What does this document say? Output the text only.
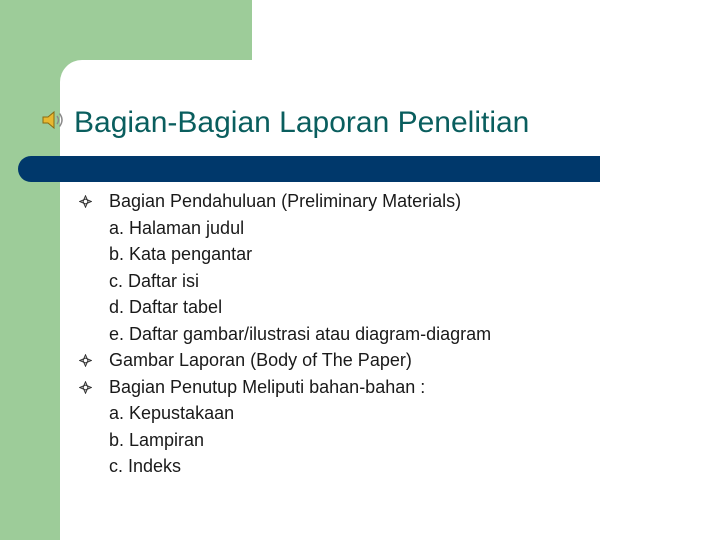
Bagian-Bagian Laporan Penelitian
Bagian Pendahuluan (Preliminary Materials)
a. Halaman judul
b. Kata pengantar
c. Daftar isi
d. Daftar tabel
e. Daftar gambar/ilustrasi atau diagram-diagram
Gambar Laporan (Body of The Paper)
Bagian Penutup Meliputi bahan-bahan :
a. Kepustakaan
b. Lampiran
c. Indeks
